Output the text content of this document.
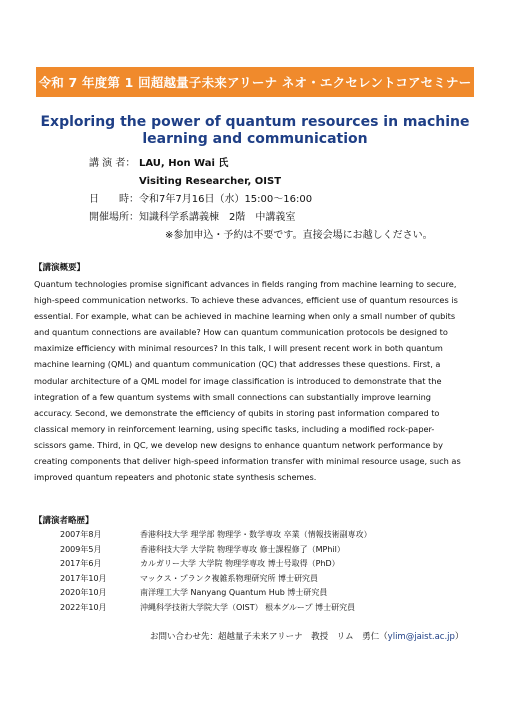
令和 7 年度第 1 回超越量子未来アリーナ ネオ・エクセレントコアセミナー
Exploring the power of quantum resources in machine
learning and communication
講 演 者： LAU, Hon Wai 氏
Visiting Researcher, OIST
日　　時： 令和7年7月16日（水）15:00～16:00
開催場所： 知識科学系講義棟　2階　中講義室
※参加申込・予約は不要です。直接会場にお越しください。
【講演概要】

Quantum technologies promise significant advances in fields ranging from machine learning to secure, high-speed communication networks. To achieve these advances, efficient use of quantum resources is essential. For example, what can be achieved in machine learning when only a small number of qubits and quantum connections are available? How can quantum communication protocols be designed to maximize efficiency with minimal resources? In this talk, I will present recent work in both quantum machine learning (QML) and quantum communication (QC) that addresses these questions. First, a modular architecture of a QML model for image classification is introduced to demonstrate that the integration of a few quantum systems with small connections can substantially improve learning accuracy. Second, we demonstrate the efficiency of qubits in storing past information compared to classical memory in reinforcement learning, using specific tasks, including a modified rock-paper-scissors game. Third, in QC, we develop new designs to enhance quantum network performance by creating components that deliver high-speed information transfer with minimal resource usage, such as improved quantum repeaters and photonic state synthesis schemes.

【講演者略歴】
2007年8月	香港科技大学 理学部 物理学・数学専攻 卒業（情報技術副専攻）
2009年5月	香港科技大学 大学院 物理学専攻 修士課程修了（MPhil）
2017年6月	カルガリー大学 大学院 物理学専攻 博士号取得（PhD）
2017年10月	マックス・プランク複雑系物理研究所 博士研究員
2020年10月	南洋理工大学 Nanyang Quantum Hub 博士研究員
2022年10月	沖縄科学技術大学院大学（OIST） 根本グループ 博士研究員
お問い合わせ先：超越量子未来アリーナ　教授　リム　勇仁（ylim@jaist.ac.jp）
